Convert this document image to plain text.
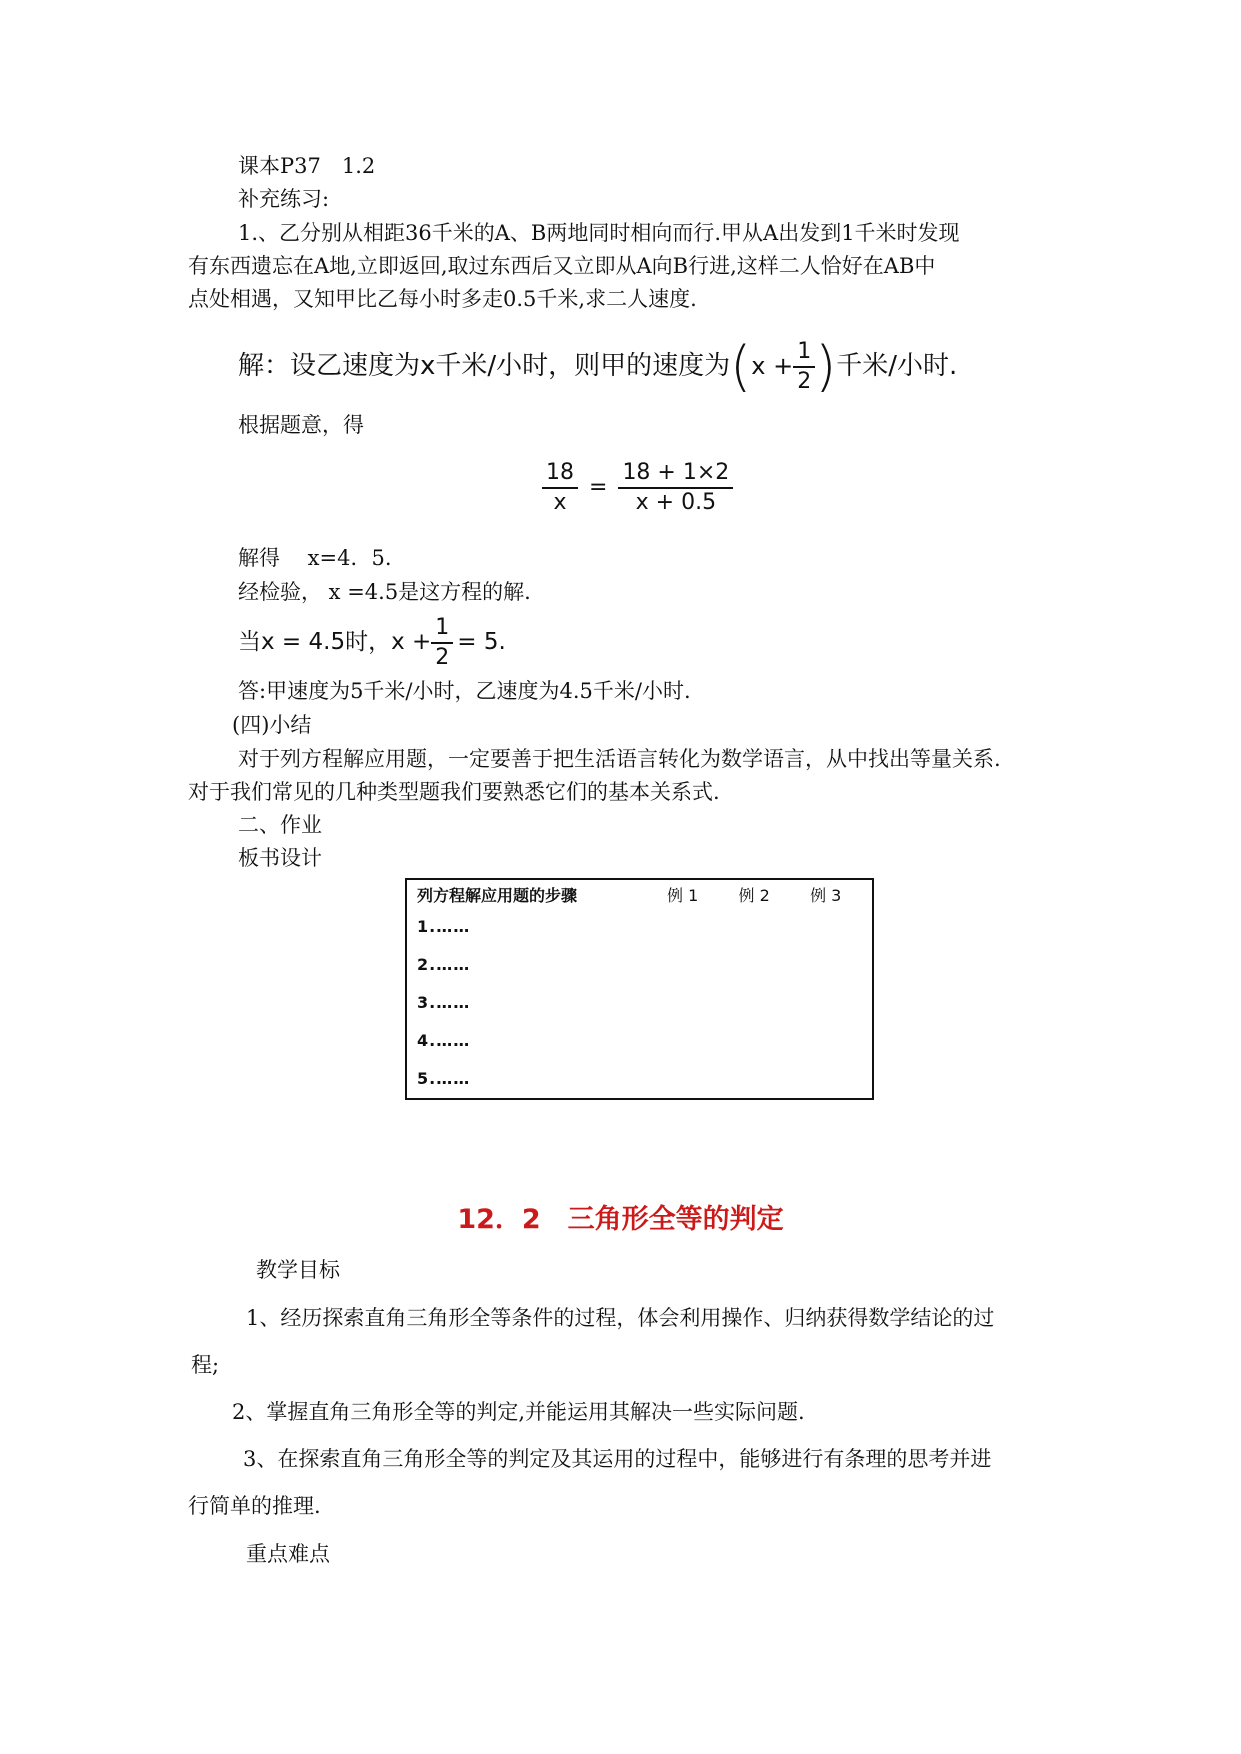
课本P37　1.2
补充练习:
1.、乙分别从相距36千米的A、B两地同时相向而行.甲从A出发到1千米时发现
有东西遗忘在A地,立即返回,取过东西后又立即从A向B行进,这样二人恰好在AB中
点处相遇，又知甲比乙每小时多走0.5千米,求二人速度.
解：设乙速度为x千米/小时，则甲的速度为($x + \frac{1}{2}$ )千米/小时.
根据题意，得
$\frac{18}{x} = \frac{18 + 1\times 2}{x + 0.5}$
解得　 x=4．5.
经检验， x =4.5是这方程的解.
当x = 4.5时，$x + \frac{1}{2} = 5$.
答:甲速度为5千米/小时，乙速度为4.5千米/小时.
(四)小结
对于列方程解应用题，一定要善于把生活语言转化为数学语言，从中找出等量关系.
对于我们常见的几种类型题我们要熟悉它们的基本关系式.
二、作业
板书设计
列方程解应用题的步骤	例 1	例 2	例 3
1.……			
2.……			
3.……			
4.……			
5.……			
12．2　三角形全等的判定
教学目标
1、经历探索直角三角形全等条件的过程，体会利用操作、归纳获得数学结论的过
程;
2、掌握直角三角形全等的判定,并能运用其解决一些实际问题.
3、在探索直角三角形全等的判定及其运用的过程中，能够进行有条理的思考并进
行简单的推理.
重点难点
